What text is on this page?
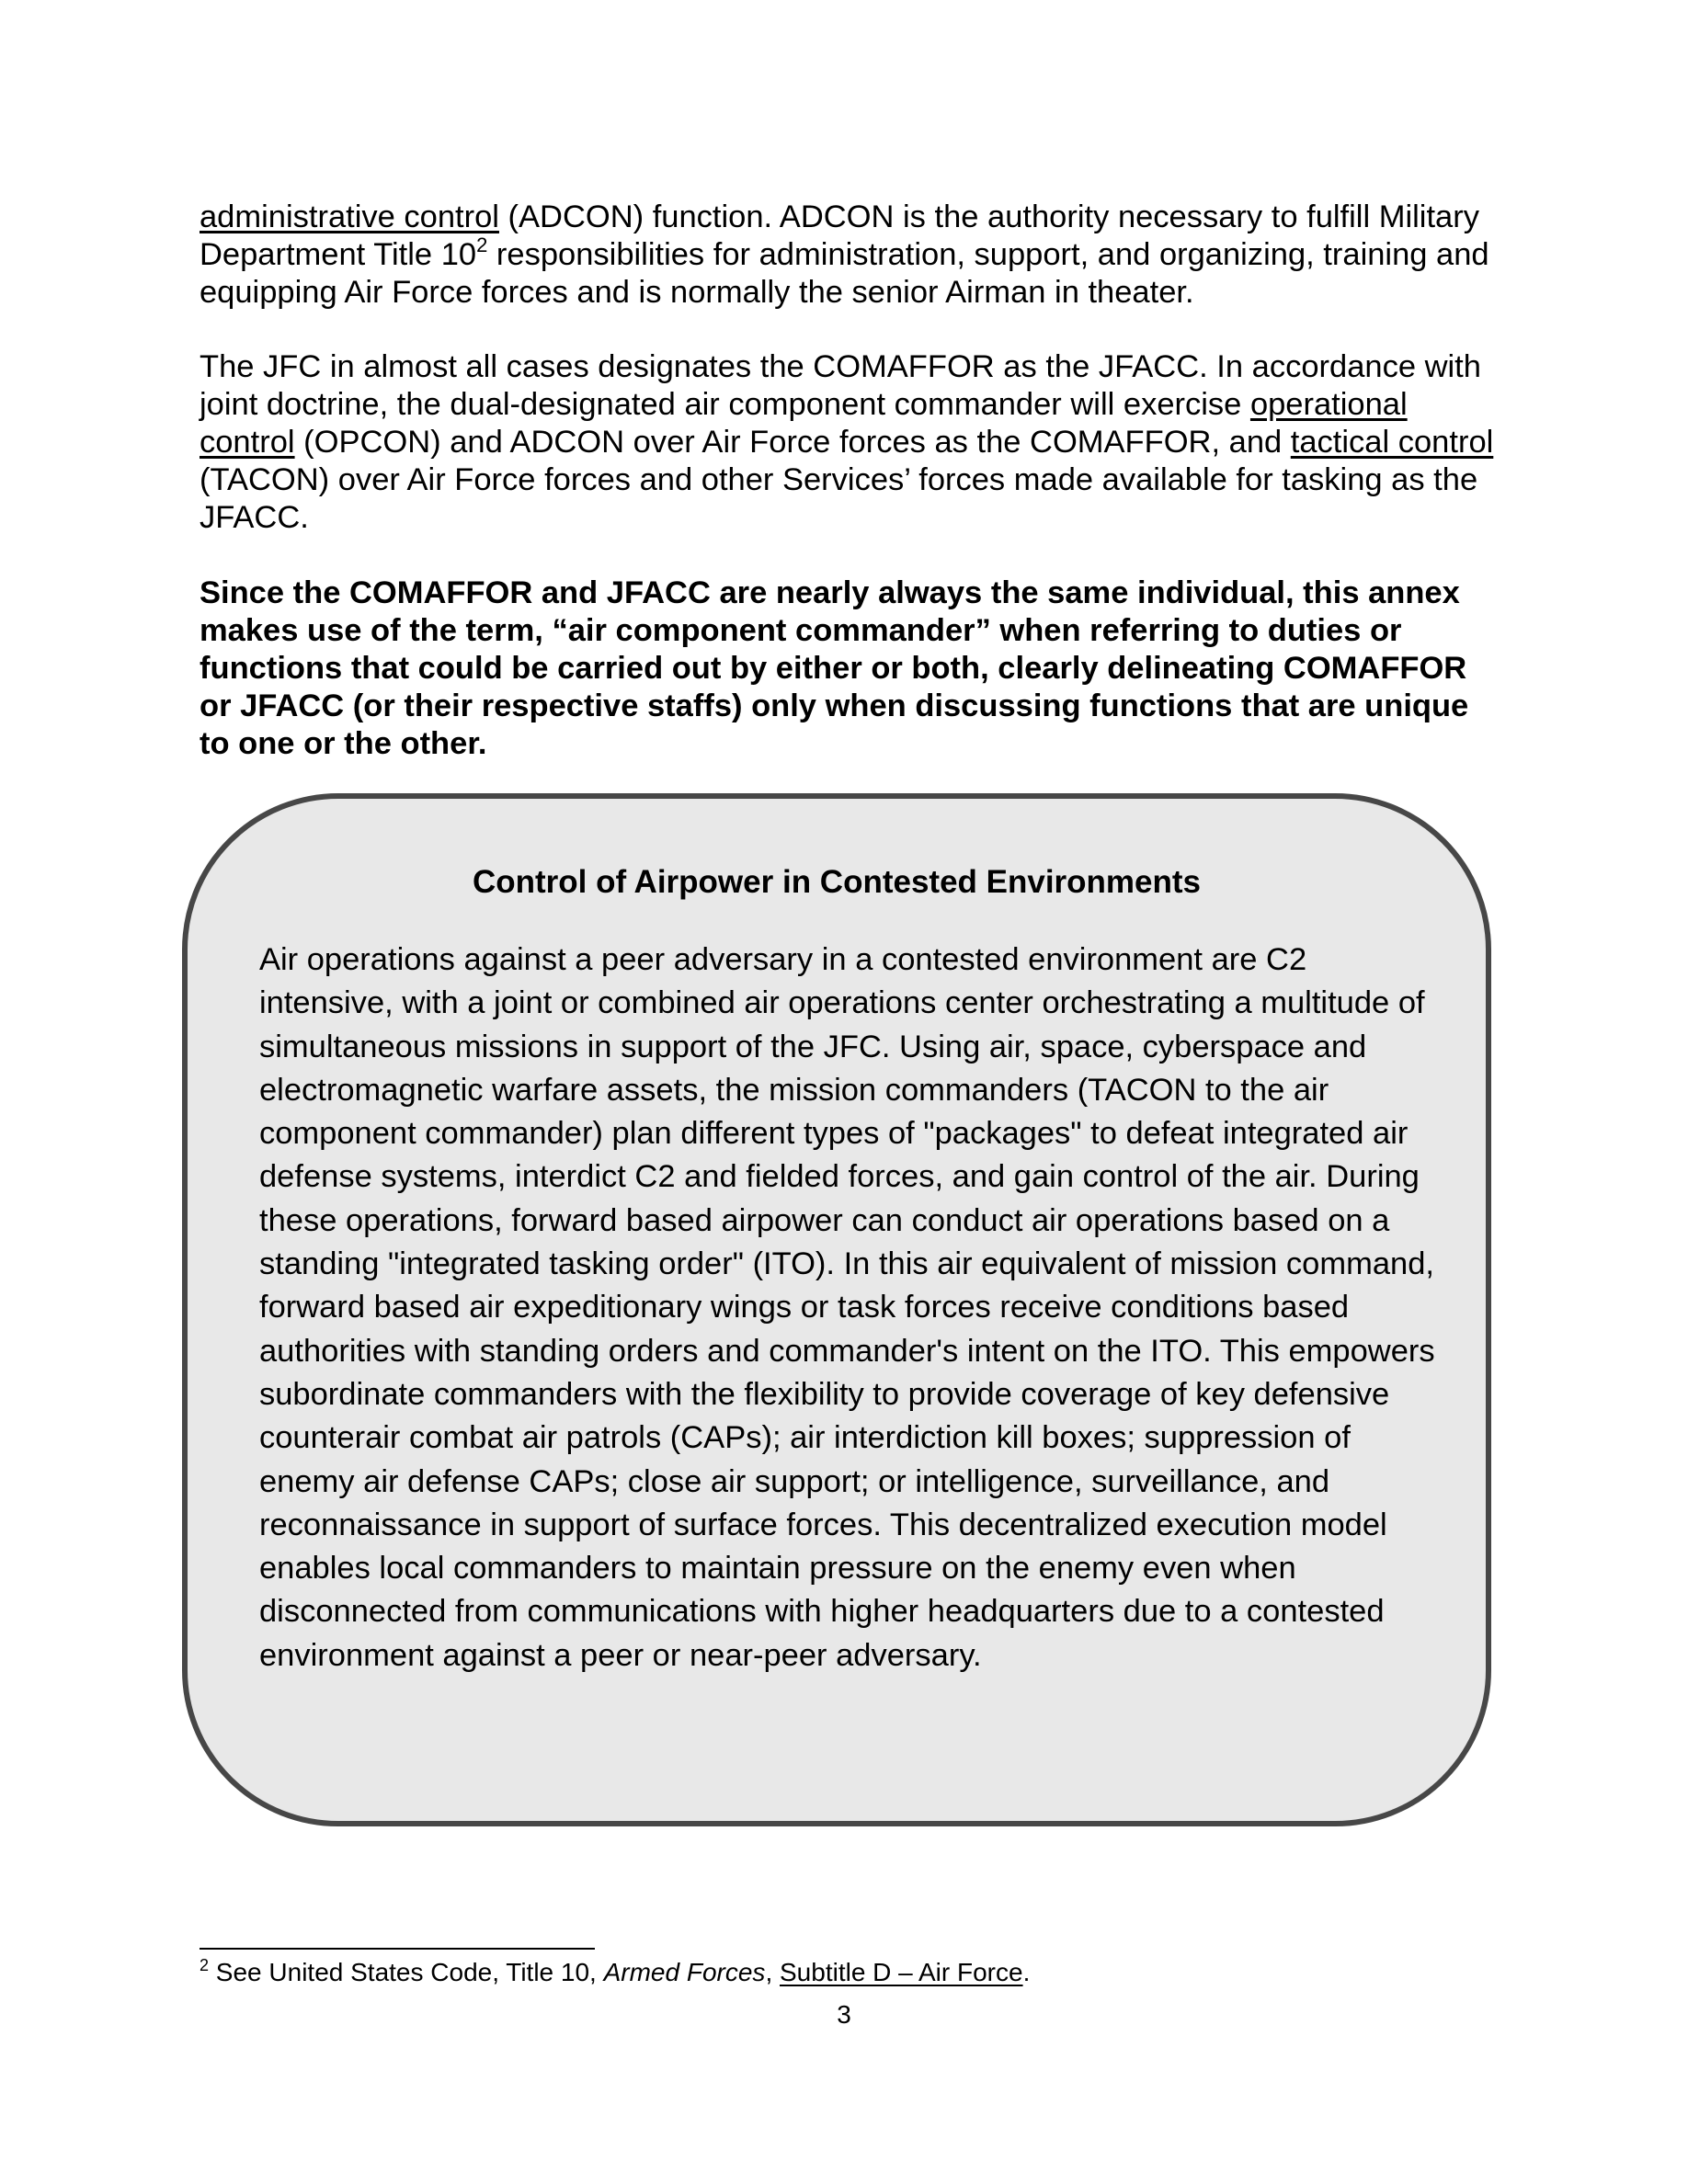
administrative control (ADCON) function. ADCON is the authority necessary to fulfill Military Department Title $10^2$ responsibilities for administration, support, and organizing, training and equipping Air Force forces and is normally the senior Airman in theater.

The JFC in almost all cases designates the COMAFFOR as the JFACC. In accordance with joint doctrine, the dual-designated air component commander will exercise operational control (OPCON) and ADCON over Air Force forces as the COMAFFOR, and tactical control (TACON) over Air Force forces and other Services’ forces made available for tasking as the JFACC.

Since the COMAFFOR and JFACC are nearly always the same individual, this annex makes use of the term, “air component commander” when referring to duties or functions that could be carried out by either or both, clearly delineating COMAFFOR or JFACC (or their respective staffs) only when discussing functions that are unique to one or the other.

Control of Airpower in Contested Environments

Air operations against a peer adversary in a contested environment are C2 intensive, with a joint or combined air operations center orchestrating a multitude of simultaneous missions in support of the JFC. Using air, space, cyberspace and electromagnetic warfare assets, the mission commanders (TACON to the air component commander) plan different types of "packages" to defeat integrated air defense systems, interdict C2 and fielded forces, and gain control of the air. During these operations, forward based airpower can conduct air operations based on a standing "integrated tasking order" (ITO). In this air equivalent of mission command, forward based air expeditionary wings or task forces receive conditions based authorities with standing orders and commander's intent on the ITO. This empowers subordinate commanders with the flexibility to provide coverage of key defensive counterair combat air patrols (CAPs); air interdiction kill boxes; suppression of enemy air defense CAPs; close air support; or intelligence, surveillance, and reconnaissance in support of surface forces. This decentralized execution model enables local commanders to maintain pressure on the enemy even when disconnected from communications with higher headquarters due to a contested environment against a peer or near-peer adversary.

$^2$ See United States Code, Title 10, Armed Forces, Subtitle D – Air Force.

3
